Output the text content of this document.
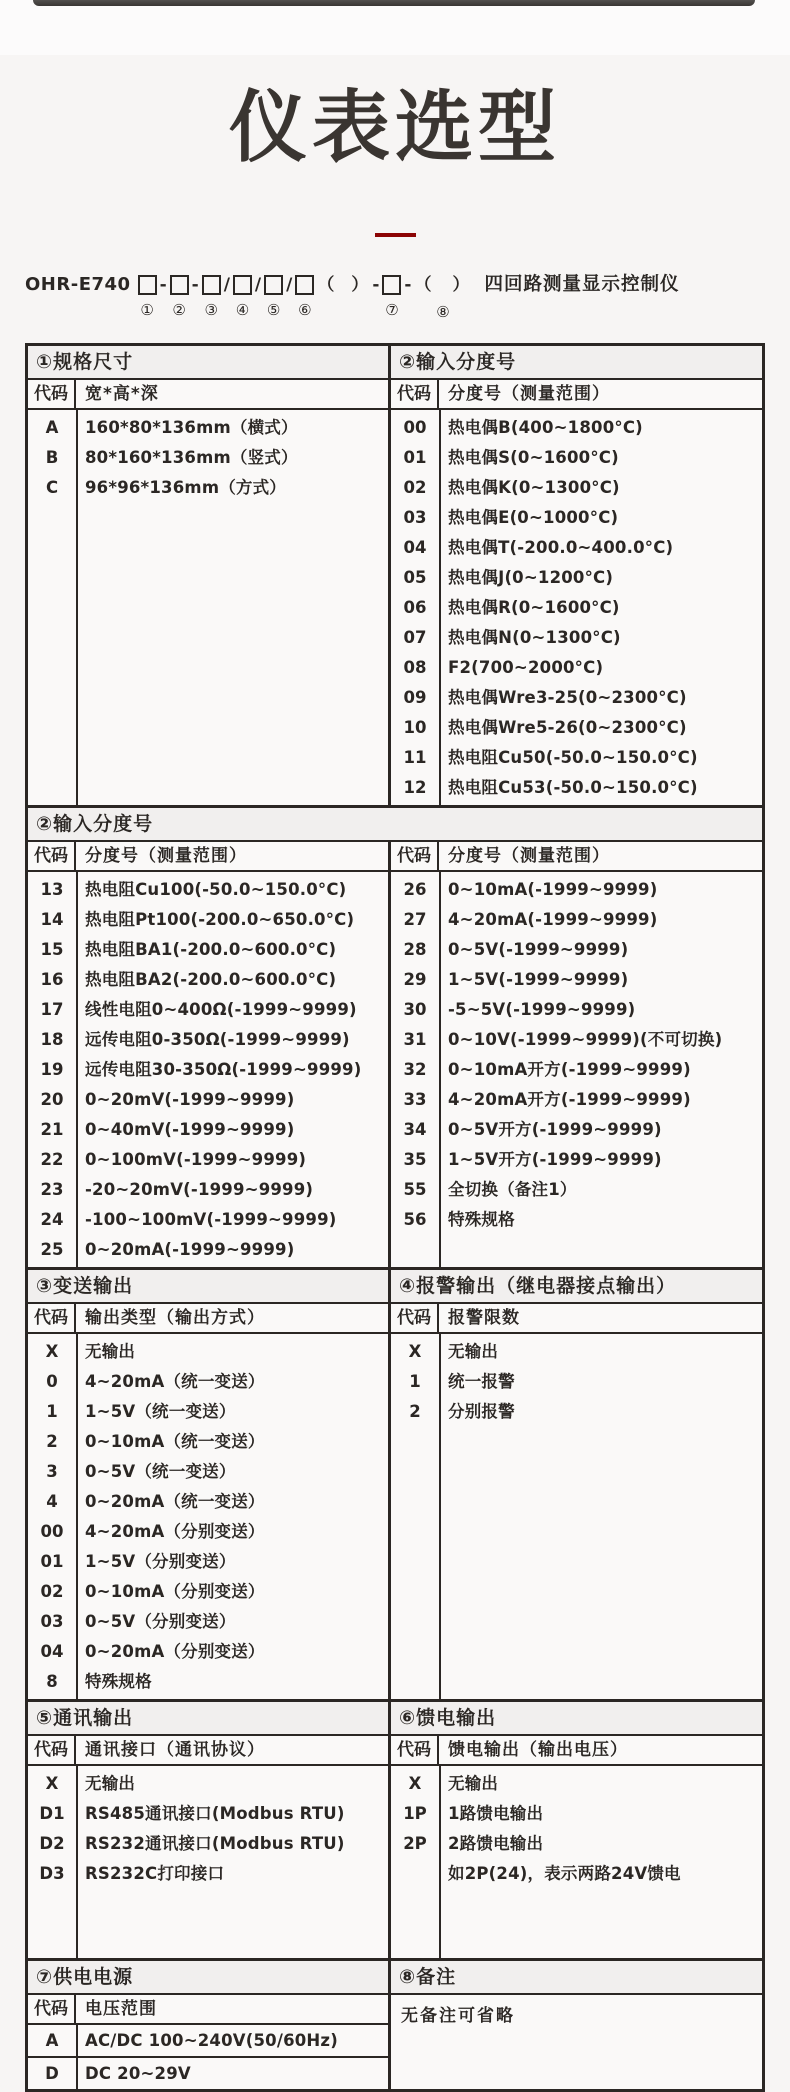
仪表选型
OHR-E740
①
-
②
-
③
/
④
/
⑤
/
⑥
（　） -
⑦
- （　）
⑧
四回路测量显示控制仪
①规格尺寸
代码	宽*高*深
A	160*80*136mm（横式）
B	80*160*136mm（竖式）
C	96*96*136mm（方式）
②输入分度号
代码	分度号（测量范围）
00	热电偶B(400~1800°C)
01	热电偶S(0~1600°C)
02	热电偶K(0~1300°C)
03	热电偶E(0~1000°C)
04	热电偶T(-200.0~400.0°C)
05	热电偶J(0~1200°C)
06	热电偶R(0~1600°C)
07	热电偶N(0~1300°C)
08	F2(700~2000°C)
09	热电偶Wre3-25(0~2300°C)
10	热电偶Wre5-26(0~2300°C)
11	热电阻Cu50(-50.0~150.0°C)
12	热电阻Cu53(-50.0~150.0°C)
②输入分度号
代码	分度号（测量范围）
13	热电阻Cu100(-50.0~150.0°C)
14	热电阻Pt100(-200.0~650.0°C)
15	热电阻BA1(-200.0~600.0°C)
16	热电阻BA2(-200.0~600.0°C)
17	线性电阻0~400Ω(-1999~9999)
18	远传电阻0-350Ω(-1999~9999)
19	远传电阻30-350Ω(-1999~9999)
20	0~20mV(-1999~9999)
21	0~40mV(-1999~9999)
22	0~100mV(-1999~9999)
23	-20~20mV(-1999~9999)
24	-100~100mV(-1999~9999)
25	0~20mA(-1999~9999)
代码	分度号（测量范围）
26	0~10mA(-1999~9999)
27	4~20mA(-1999~9999)
28	0~5V(-1999~9999)
29	1~5V(-1999~9999)
30	-5~5V(-1999~9999)
31	0~10V(-1999~9999)(不可切换)
32	0~10mA开方(-1999~9999)
33	4~20mA开方(-1999~9999)
34	0~5V开方(-1999~9999)
35	1~5V开方(-1999~9999)
55	全切换（备注1）
56	特殊规格
③变送输出
代码	输出类型（输出方式）
X	无输出
0	4~20mA（统一变送）
1	1~5V（统一变送）
2	0~10mA（统一变送）
3	0~5V（统一变送）
4	0~20mA（统一变送）
00	4~20mA（分别变送）
01	1~5V（分别变送）
02	0~10mA（分别变送）
03	0~5V（分别变送）
04	0~20mA（分别变送）
8	特殊规格
④报警输出（继电器接点输出）
代码	报警限数
X	无输出
1	统一报警
2	分别报警
⑤通讯输出
代码	通讯接口（通讯协议）
X	无输出
D1	RS485通讯接口(Modbus RTU)
D2	RS232通讯接口(Modbus RTU)
D3	RS232C打印接口
⑥馈电输出
代码	馈电输出（输出电压）
X	无输出
1P	1路馈电输出
2P	2路馈电输出
如2P(24)，表示两路24V馈电
⑦供电电源
代码	电压范围
A	AC/DC 100~240V(50/60Hz)
D	DC 20~29V
⑧备注
无备注可省略
